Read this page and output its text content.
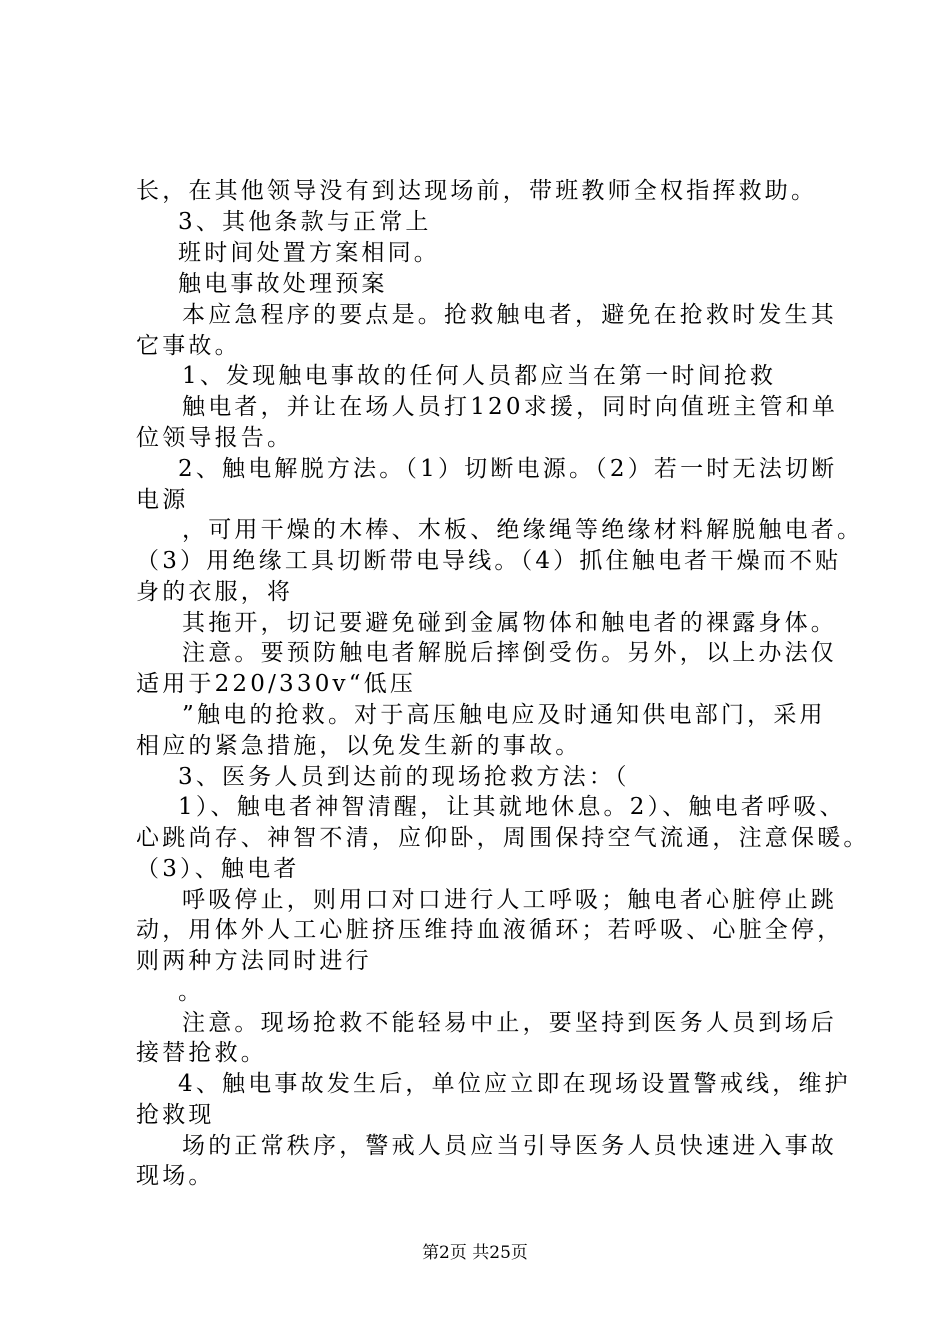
长，在其他领导没有到达现场前，带班教师全权指挥救助。
3、其他条款与正常上
班时间处置方案相同。
触电事故处理预案
本应急程序的要点是。抢救触电者，避免在抢救时发生其
它事故。
1、发现触电事故的任何人员都应当在第一时间抢救
触电者，并让在场人员打120求援，同时向值班主管和单
位领导报告。
2、触电解脱方法。（1）切断电源。（2）若一时无法切断
电源
，可用干燥的木棒、木板、绝缘绳等绝缘材料解脱触电者。
（3）用绝缘工具切断带电导线。（4）抓住触电者干燥而不贴
身的衣服，将
其拖开，切记要避免碰到金属物体和触电者的裸露身体。
注意。要预防触电者解脱后摔倒受伤。另外，以上办法仅
适用于220/330v“低压
”触电的抢救。对于高压触电应及时通知供电部门，采用
相应的紧急措施，以免发生新的事故。
3、医务人员到达前的现场抢救方法：（
1）、触电者神智清醒，让其就地休息。2）、触电者呼吸、
心跳尚存、神智不清，应仰卧，周围保持空气流通，注意保暖。
（3）、触电者
呼吸停止，则用口对口进行人工呼吸；触电者心脏停止跳
动，用体外人工心脏挤压维持血液循环；若呼吸、心脏全停，
则两种方法同时进行
。
注意。现场抢救不能轻易中止，要坚持到医务人员到场后
接替抢救。
4、触电事故发生后，单位应立即在现场设置警戒线，维护
抢救现
场的正常秩序，警戒人员应当引导医务人员快速进入事故
现场。
第2页 共25页
